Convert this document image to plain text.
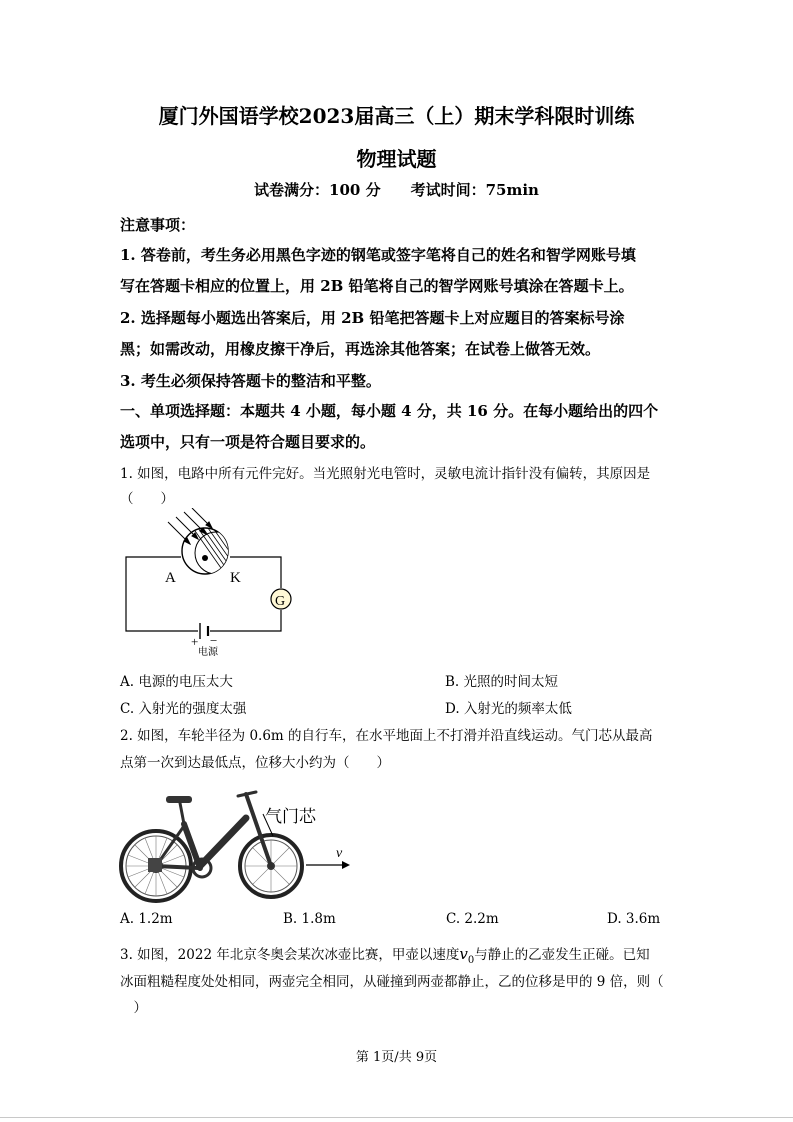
厦门外国语学校2023届高三（上）期末学科限时训练
物理试题
试卷满分：100 分　　考试时间：75min
注意事项：
1. 答卷前，考生务必用黑色字迹的钢笔或签字笔将自己的姓名和智学网账号填
写在答题卡相应的位置上，用 2B 铅笔将自己的智学网账号填涂在答题卡上。
2. 选择题每小题选出答案后，用 2B 铅笔把答题卡上对应题目的答案标号涂
黑；如需改动，用橡皮擦干净后，再选涂其他答案；在试卷上做答无效。
3. 考生必须保持答题卡的整洁和平整。
一、单项选择题：本题共 4 小题，每小题 4 分，共 16 分。在每小题给出的四个
选项中，只有一项是符合题目要求的。
1. 如图，电路中所有元件完好。当光照射光电管时，灵敏电流计指针没有偏转，其原因是
（　　）
+ −
电源
A	K
G
A. 电源的电压太大	B. 光照的时间太短
C. 入射光的强度太强	D. 入射光的频率太低
2. 如图，车轮半径为 0.6m 的自行车，在水平地面上不打滑并沿直线运动。气门芯从最高
点第一次到达最低点，位移大小约为（　　）
气门芯
v
A. 1.2m	B. 1.8m	C. 2.2m	D. 3.6m
3. 如图，2022 年北京冬奥会某次冰壶比赛，甲壶以速度$v_0$与静止的乙壶发生正碰。已知
冰面粗糙程度处处相同，两壶完全相同，从碰撞到两壶都静止，乙的位移是甲的 9 倍，则（
　）
第 1页/共 9页
